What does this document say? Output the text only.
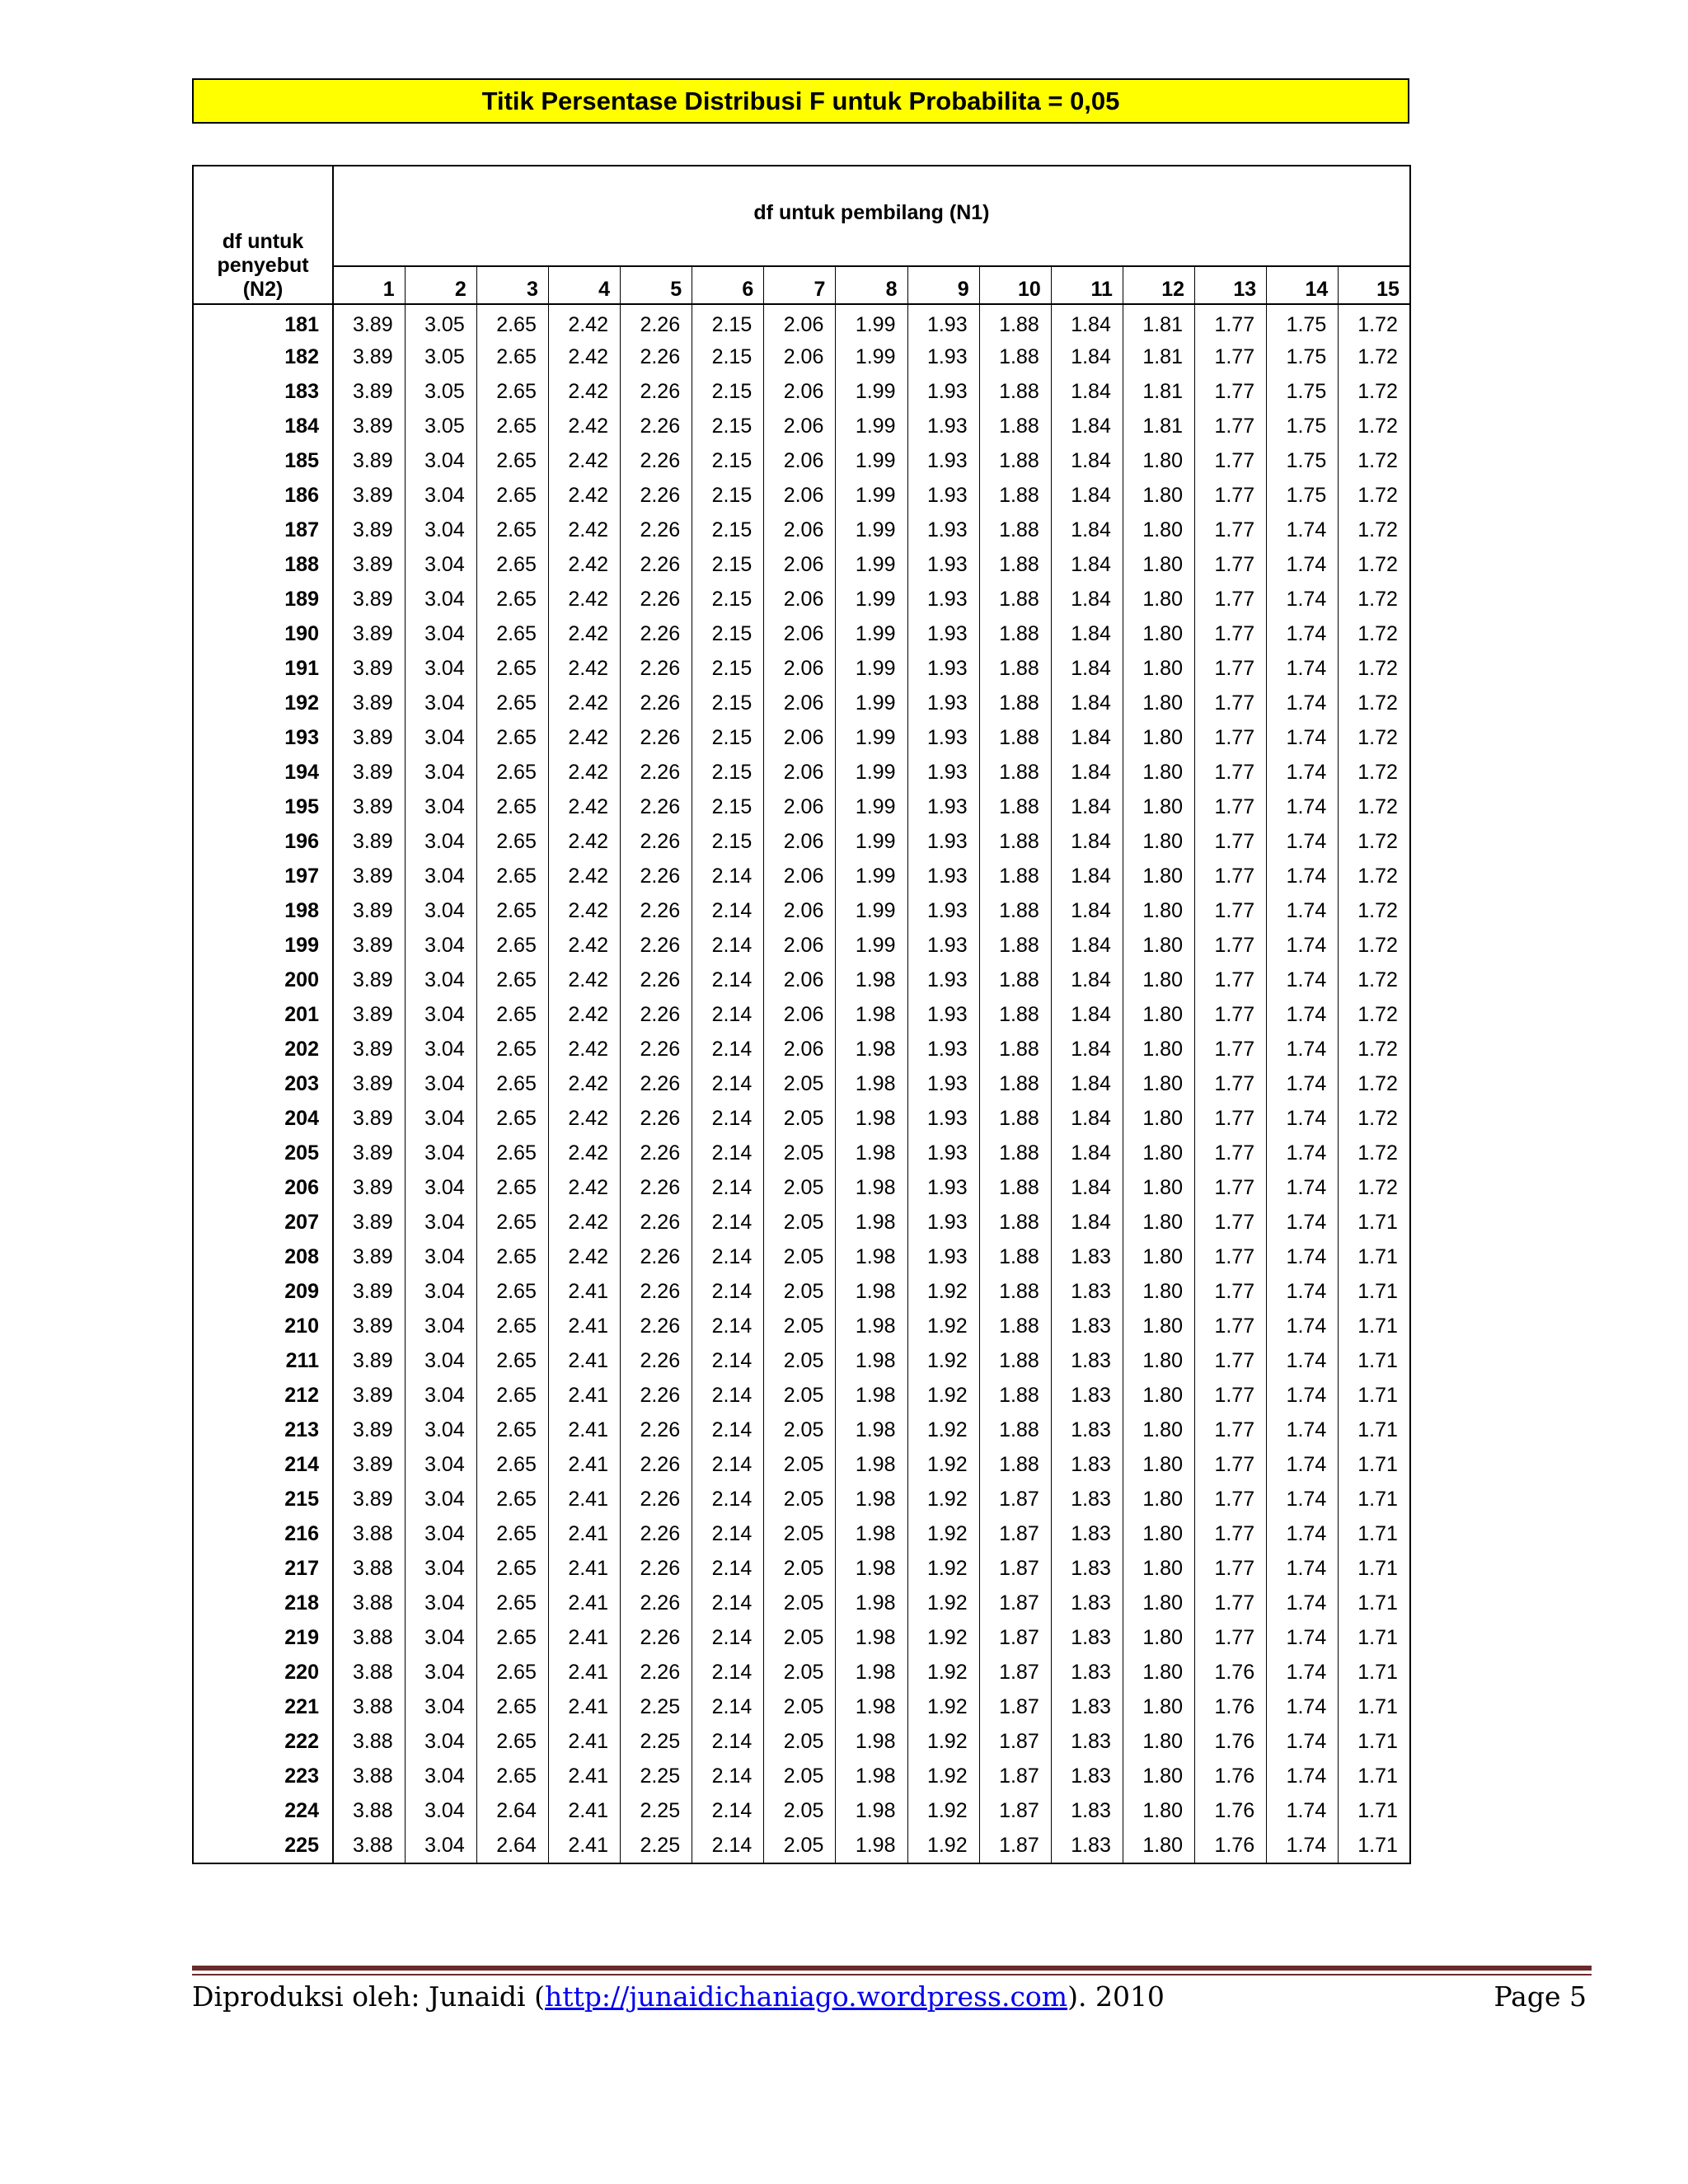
Titik Persentase Distribusi F untuk Probabilita = 0,05
df untuk penyebut (N2)	df untuk pembilang (N1)														
	1	2	3	4	5	6	7	8	9	10	11	12	13	14	15
181	3.89	3.05	2.65	2.42	2.26	2.15	2.06	1.99	1.93	1.88	1.84	1.81	1.77	1.75	1.72
182	3.89	3.05	2.65	2.42	2.26	2.15	2.06	1.99	1.93	1.88	1.84	1.81	1.77	1.75	1.72
183	3.89	3.05	2.65	2.42	2.26	2.15	2.06	1.99	1.93	1.88	1.84	1.81	1.77	1.75	1.72
184	3.89	3.05	2.65	2.42	2.26	2.15	2.06	1.99	1.93	1.88	1.84	1.81	1.77	1.75	1.72
185	3.89	3.04	2.65	2.42	2.26	2.15	2.06	1.99	1.93	1.88	1.84	1.80	1.77	1.75	1.72
186	3.89	3.04	2.65	2.42	2.26	2.15	2.06	1.99	1.93	1.88	1.84	1.80	1.77	1.75	1.72
187	3.89	3.04	2.65	2.42	2.26	2.15	2.06	1.99	1.93	1.88	1.84	1.80	1.77	1.74	1.72
188	3.89	3.04	2.65	2.42	2.26	2.15	2.06	1.99	1.93	1.88	1.84	1.80	1.77	1.74	1.72
189	3.89	3.04	2.65	2.42	2.26	2.15	2.06	1.99	1.93	1.88	1.84	1.80	1.77	1.74	1.72
190	3.89	3.04	2.65	2.42	2.26	2.15	2.06	1.99	1.93	1.88	1.84	1.80	1.77	1.74	1.72
191	3.89	3.04	2.65	2.42	2.26	2.15	2.06	1.99	1.93	1.88	1.84	1.80	1.77	1.74	1.72
192	3.89	3.04	2.65	2.42	2.26	2.15	2.06	1.99	1.93	1.88	1.84	1.80	1.77	1.74	1.72
193	3.89	3.04	2.65	2.42	2.26	2.15	2.06	1.99	1.93	1.88	1.84	1.80	1.77	1.74	1.72
194	3.89	3.04	2.65	2.42	2.26	2.15	2.06	1.99	1.93	1.88	1.84	1.80	1.77	1.74	1.72
195	3.89	3.04	2.65	2.42	2.26	2.15	2.06	1.99	1.93	1.88	1.84	1.80	1.77	1.74	1.72
196	3.89	3.04	2.65	2.42	2.26	2.15	2.06	1.99	1.93	1.88	1.84	1.80	1.77	1.74	1.72
197	3.89	3.04	2.65	2.42	2.26	2.14	2.06	1.99	1.93	1.88	1.84	1.80	1.77	1.74	1.72
198	3.89	3.04	2.65	2.42	2.26	2.14	2.06	1.99	1.93	1.88	1.84	1.80	1.77	1.74	1.72
199	3.89	3.04	2.65	2.42	2.26	2.14	2.06	1.99	1.93	1.88	1.84	1.80	1.77	1.74	1.72
200	3.89	3.04	2.65	2.42	2.26	2.14	2.06	1.98	1.93	1.88	1.84	1.80	1.77	1.74	1.72
201	3.89	3.04	2.65	2.42	2.26	2.14	2.06	1.98	1.93	1.88	1.84	1.80	1.77	1.74	1.72
202	3.89	3.04	2.65	2.42	2.26	2.14	2.06	1.98	1.93	1.88	1.84	1.80	1.77	1.74	1.72
203	3.89	3.04	2.65	2.42	2.26	2.14	2.05	1.98	1.93	1.88	1.84	1.80	1.77	1.74	1.72
204	3.89	3.04	2.65	2.42	2.26	2.14	2.05	1.98	1.93	1.88	1.84	1.80	1.77	1.74	1.72
205	3.89	3.04	2.65	2.42	2.26	2.14	2.05	1.98	1.93	1.88	1.84	1.80	1.77	1.74	1.72
206	3.89	3.04	2.65	2.42	2.26	2.14	2.05	1.98	1.93	1.88	1.84	1.80	1.77	1.74	1.72
207	3.89	3.04	2.65	2.42	2.26	2.14	2.05	1.98	1.93	1.88	1.84	1.80	1.77	1.74	1.71
208	3.89	3.04	2.65	2.42	2.26	2.14	2.05	1.98	1.93	1.88	1.83	1.80	1.77	1.74	1.71
209	3.89	3.04	2.65	2.41	2.26	2.14	2.05	1.98	1.92	1.88	1.83	1.80	1.77	1.74	1.71
210	3.89	3.04	2.65	2.41	2.26	2.14	2.05	1.98	1.92	1.88	1.83	1.80	1.77	1.74	1.71
211	3.89	3.04	2.65	2.41	2.26	2.14	2.05	1.98	1.92	1.88	1.83	1.80	1.77	1.74	1.71
212	3.89	3.04	2.65	2.41	2.26	2.14	2.05	1.98	1.92	1.88	1.83	1.80	1.77	1.74	1.71
213	3.89	3.04	2.65	2.41	2.26	2.14	2.05	1.98	1.92	1.88	1.83	1.80	1.77	1.74	1.71
214	3.89	3.04	2.65	2.41	2.26	2.14	2.05	1.98	1.92	1.88	1.83	1.80	1.77	1.74	1.71
215	3.89	3.04	2.65	2.41	2.26	2.14	2.05	1.98	1.92	1.87	1.83	1.80	1.77	1.74	1.71
216	3.88	3.04	2.65	2.41	2.26	2.14	2.05	1.98	1.92	1.87	1.83	1.80	1.77	1.74	1.71
217	3.88	3.04	2.65	2.41	2.26	2.14	2.05	1.98	1.92	1.87	1.83	1.80	1.77	1.74	1.71
218	3.88	3.04	2.65	2.41	2.26	2.14	2.05	1.98	1.92	1.87	1.83	1.80	1.77	1.74	1.71
219	3.88	3.04	2.65	2.41	2.26	2.14	2.05	1.98	1.92	1.87	1.83	1.80	1.77	1.74	1.71
220	3.88	3.04	2.65	2.41	2.26	2.14	2.05	1.98	1.92	1.87	1.83	1.80	1.76	1.74	1.71
221	3.88	3.04	2.65	2.41	2.25	2.14	2.05	1.98	1.92	1.87	1.83	1.80	1.76	1.74	1.71
222	3.88	3.04	2.65	2.41	2.25	2.14	2.05	1.98	1.92	1.87	1.83	1.80	1.76	1.74	1.71
223	3.88	3.04	2.65	2.41	2.25	2.14	2.05	1.98	1.92	1.87	1.83	1.80	1.76	1.74	1.71
224	3.88	3.04	2.64	2.41	2.25	2.14	2.05	1.98	1.92	1.87	1.83	1.80	1.76	1.74	1.71
225	3.88	3.04	2.64	2.41	2.25	2.14	2.05	1.98	1.92	1.87	1.83	1.80	1.76	1.74	1.71
Diproduksi oleh: Junaidi (http://junaidichaniago.wordpress.com). 2010	Page 5
